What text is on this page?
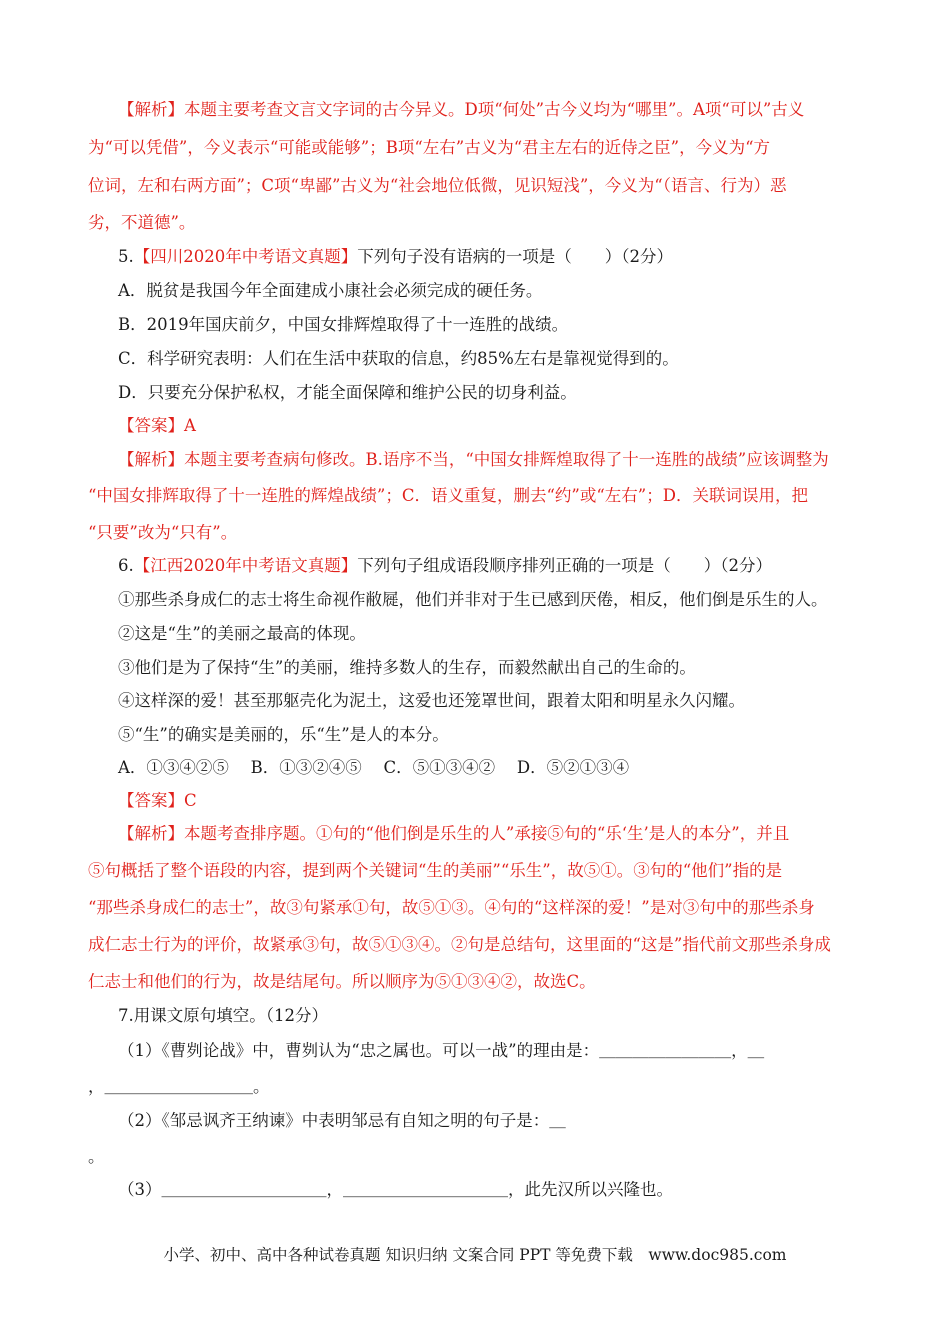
【解析】本题主要考查文言文字词的古今异义。D项“何处”古今义均为“哪里”。A项“可以”古义
为“可以凭借”，今义表示“可能或能够”；B项“左右”古义为“君主左右的近侍之臣”，今义为“方
位词，左和右两方面”；C项“卑鄙”古义为“社会地位低微，见识短浅”，今义为“（语言、行为）恶
劣，不道德”。
5.【四川2020年中考语文真题】下列句子没有语病的一项是（　　）（2分）
A．脱贫是我国今年全面建成小康社会必须完成的硬任务。
B．2019年国庆前夕，中国女排辉煌取得了十一连胜的战绩。
C．科学研究表明：人们在生活中获取的信息，约85%左右是靠视觉得到的。
D．只要充分保护私权，才能全面保障和维护公民的切身利益。
【答案】A
【解析】本题主要考查病句修改。B.语序不当，“中国女排辉煌取得了十一连胜的战绩”应该调整为
“中国女排辉取得了十一连胜的辉煌战绩”；C．语义重复，删去“约”或“左右”；D．关联词误用，把
“只要”改为“只有”。
6.【江西2020年中考语文真题】下列句子组成语段顺序排列正确的一项是（　　）（2分）
①那些杀身成仁的志士将生命视作敝屣，他们并非对于生已感到厌倦，相反，他们倒是乐生的人。
②这是“生”的美丽之最高的体现。
③他们是为了保持“生”的美丽，维持多数人的生存，而毅然献出自己的生命的。
④这样深的爱！甚至那躯壳化为泥土，这爱也还笼罩世间，跟着太阳和明星永久闪耀。
⑤“生”的确实是美丽的，乐“生”是人的本分。
A．①③④②⑤　 B．①③②④⑤　 C．⑤①③④②　 D．⑤②①③④
【答案】C
【解析】本题考查排序题。①句的“他们倒是乐生的人”承接⑤句的“乐‘生’是人的本分”，并且
⑤句概括了整个语段的内容，提到两个关键词“生的美丽”“乐生”，故⑤①。③句的“他们”指的是
“那些杀身成仁的志士”，故③句紧承①句，故⑤①③。④句的“这样深的爱！”是对③句中的那些杀身
成仁志士行为的评价，故紧承③句，故⑤①③④。②句是总结句，这里面的“这是”指代前文那些杀身成
仁志士和他们的行为，故是结尾句。所以顺序为⑤①③④②，故选C。
7.用课文原句填空。（12分）
（1）《曹刿论战》中，曹刿认为“忠之属也。可以一战”的理由是：＿＿＿＿＿＿＿＿，＿
，＿＿＿＿＿＿＿＿＿。
（2）《邹忌讽齐王纳谏》中表明邹忌有自知之明的句子是：＿
。
（3）＿＿＿＿＿＿＿＿＿＿，＿＿＿＿＿＿＿＿＿＿，此先汉所以兴隆也。
小学、初中、高中各种试卷真题 知识归纳 文案合同 PPT 等免费下载　www.doc985.com
